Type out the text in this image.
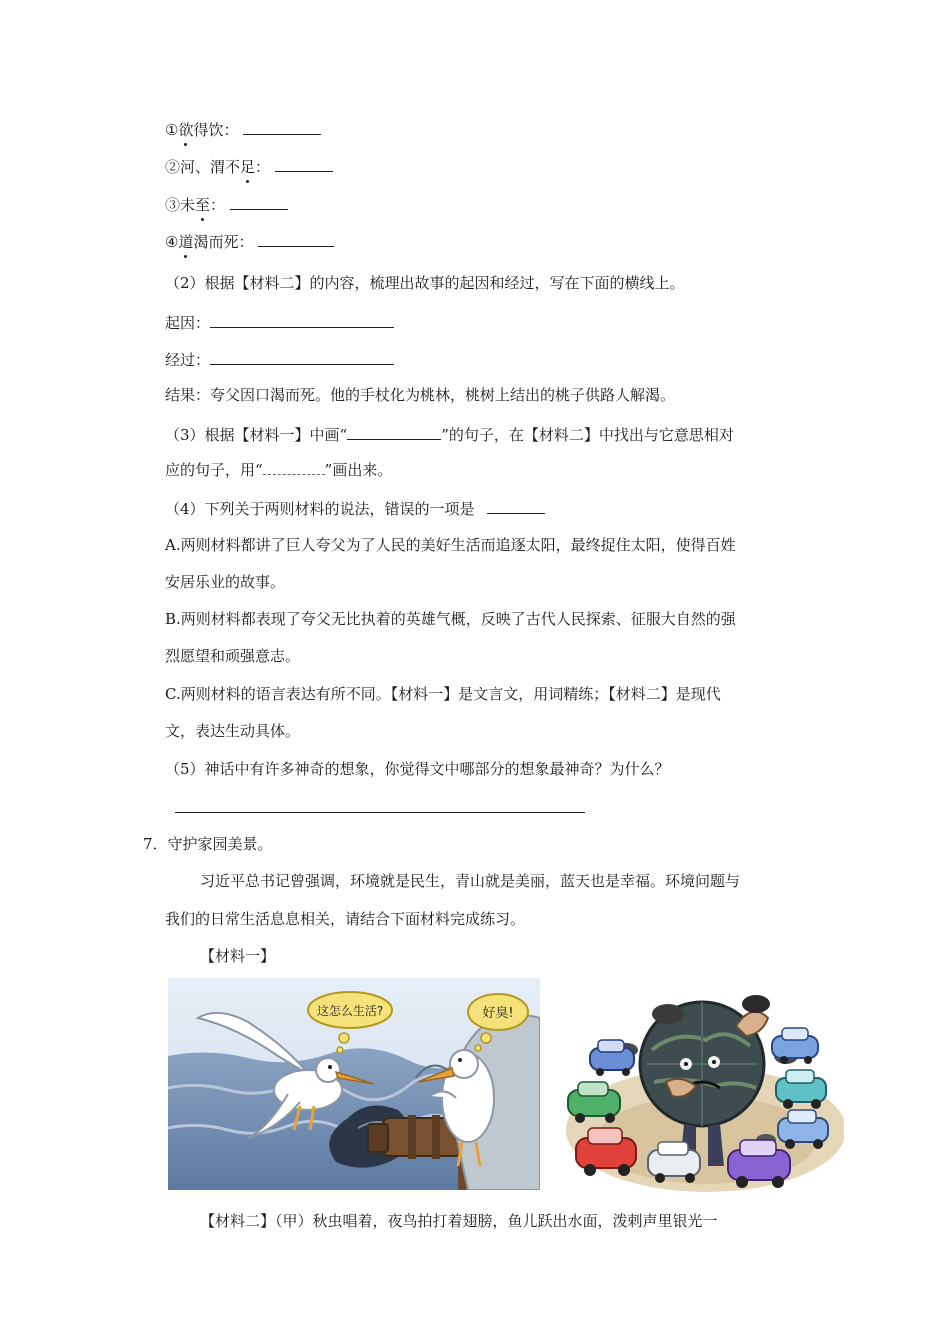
①欲得饮：
②河、渭不足：
③未至：
④道渴而死：
（2）根据【材料二】的内容，梳理出故事的起因和经过，写在下面的横线上。
起因：
经过：
结果：夸父因口渴而死。他的手杖化为桃林，桃树上结出的桃子供路人解渴。
（3）根据【材料一】中画“	”的句子，在【材料二】中找出与它意思相对
应的句子，用“	”画出来。
（4）下列关于两则材料的说法，错误的一项是
A.两则材料都讲了巨人夸父为了人民的美好生活而追逐太阳，最终捉住太阳，使得百姓
安居乐业的故事。
B.两则材料都表现了夸父无比执着的英雄气概，反映了古代人民探索、征服大自然的强
烈愿望和顽强意志。
C.两则材料的语言表达有所不同。【材料一】是文言文，用词精练；【材料二】是现代
文，表达生动具体。
（5）神话中有许多神奇的想象，你觉得文中哪部分的想象最神奇？为什么？
7．守护家园美景。
习近平总书记曾强调，环境就是民生，青山就是美丽，蓝天也是幸福。环境问题与
我们的日常生活息息相关，请结合下面材料完成练习。
【材料一】
这怎么生活?	好臭!
【材料二】（甲）秋虫唱着，夜鸟拍打着翅膀，鱼儿跃出水面，泼剌声里银光一
